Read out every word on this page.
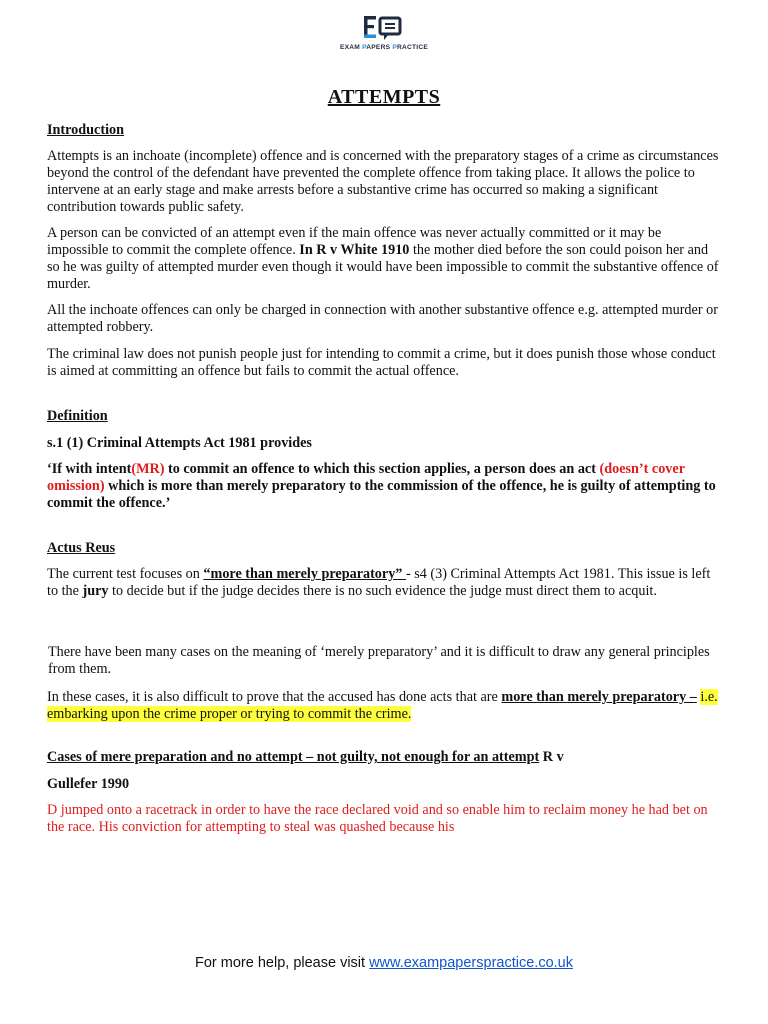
EXAM PAPERS PRACTICE
ATTEMPTS
Introduction
Attempts is an inchoate (incomplete) offence and is concerned with the preparatory stages of a crime as circumstances beyond the control of the defendant have prevented the complete offence from taking place. It allows the police to intervene at an early stage and make arrests before a substantive crime has occurred so making a significant contribution towards public safety.
A person can be convicted of an attempt even if the main offence was never actually committed or it may be impossible to commit the complete offence. In R v White 1910 the mother died before the son could poison her and so he was guilty of attempted murder even though it would have been impossible to commit the substantive offence of murder.
All the inchoate offences can only be charged in connection with another substantive offence e.g. attempted murder or attempted robbery.
The criminal law does not punish people just for intending to commit a crime, but it does punish those whose conduct is aimed at committing an offence but fails to commit the actual offence.
Definition
s.1 (1) Criminal Attempts Act 1981 provides
‘If with intent(MR) to commit an offence to which this section applies, a person does an act (doesn’t cover omission) which is more than merely preparatory to the commission of the offence, he is guilty of attempting to commit the offence.’
Actus Reus
The current test focuses on “more than merely preparatory” - s4 (3) Criminal Attempts Act 1981. This issue is left to the jury to decide but if the judge decides there is no such evidence the judge must direct them to acquit.
There have been many cases on the meaning of ‘merely preparatory’ and it is difficult to draw any general principles from them.
In these cases, it is also difficult to prove that the accused has done acts that are more than merely preparatory – i.e. embarking upon the crime proper or trying to commit the crime.
Cases of mere preparation and no attempt – not guilty, not enough for an attempt R v
Gullefer 1990
D jumped onto a racetrack in order to have the race declared void and so enable him to reclaim money he had bet on the race. His conviction for attempting to steal was quashed because his
For more help, please visit www.exampaperspractice.co.uk
